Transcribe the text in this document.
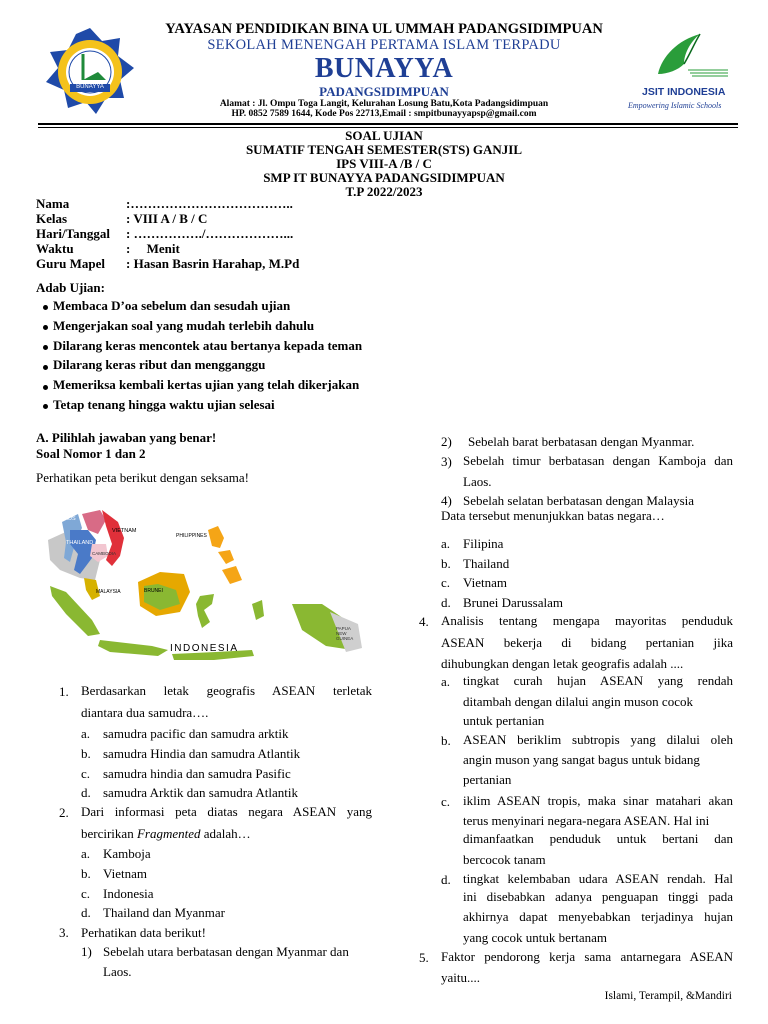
BUNAYYA	JSIT INDONESIA
Empowering Islamic Schools
YAYASAN PENDIDIKAN BINA UL UMMAH PADANGSIDIMPUAN
SEKOLAH MENENGAH PERTAMA ISLAM TERPADU
BUNAYYA
PADANGSIDIMPUAN
Alamat : Jl. Ompu Toga Langit, Kelurahan Losung Batu,Kota Padangsidimpuan
HP. 0852 7589 1644, Kode Pos 22713,Email : smpitbunayyapsp@gmail.com
SOAL UJIAN
SUMATIF TENGAH SEMESTER(STS) GANJIL
IPS VIII-A /B / C
SMP IT BUNAYYA PADANGSIDIMPUAN
T.P 2022/2023
Nama	:………………………………..
Kelas	: VIII A / B / C
Hari/Tanggal : ……………./………………...
Waktu	:     Menit
Guru Mapel : Hasan Basrin Harahap, M.Pd
Adab Ujian:
Membaca D’oa sebelum dan sesudah ujian
Mengerjakan soal yang mudah terlebih dahulu
Dilarang keras mencontek atau bertanya kepada teman
Dilarang keras ribut dan mengganggu
Memeriksa kembali kertas ujian yang telah dikerjakan
Tetap tenang hingga waktu ujian selesai
A. Pilihlah jawaban yang benar!
Soal Nomor 1 dan 2
Perhatikan peta berikut dengan seksama!
LAOS
VIETNAM
THAILAND
CAMBODIA
PHILIPPINES
MALAYSIA	BRUNEI
INDONESIA
PAPUA
NEW
GUINEA
1. Berdasarkan letak geografis ASEAN terletak
diantara dua samudra….
a. samudra pacific dan samudra arktik
b. samudra Hindia dan samudra Atlantik
c. samudra hindia dan samudra Pasific
d. samudra Arktik dan samudra Atlantik
2. Dari informasi peta diatas negara ASEAN yang
bercirikan Fragmented adalah…
a. Kamboja
b. Vietnam
c. Indonesia
d. Thailand dan Myanmar
3. Perhatikan data berikut!
1) Sebelah utara berbatasan dengan Myanmar dan
Laos.
2) Sebelah barat berbatasan dengan Myanmar.
3) Sebelah timur berbatasan dengan Kamboja dan
Laos.
4) Sebelah selatan berbatasan dengan Malaysia
Data tersebut menunjukkan batas negara…
a. Filipina
b. Thailand
c. Vietnam
d. Brunei Darussalam
4. Analisis tentang mengapa mayoritas penduduk
ASEAN bekerja di bidang pertanian jika
dihubungkan dengan letak geografis adalah ....
a. tingkat curah hujan ASEAN yang rendah
ditambah dengan dilalui angin muson cocok
untuk pertanian
b. ASEAN beriklim subtropis yang dilalui oleh
angin muson yang sangat bagus untuk bidang
pertanian
c. iklim ASEAN tropis, maka sinar matahari akan
terus menyinari negara-negara ASEAN. Hal ini
dimanfaatkan penduduk untuk bertani dan
bercocok tanam
d. tingkat kelembaban udara ASEAN rendah. Hal
ini disebabkan adanya penguapan tinggi pada
akhirnya dapat menyebabkan terjadinya hujan
yang cocok untuk bertanam
5. Faktor pendorong kerja sama antarnegara ASEAN
yaitu....
Islami, Terampil, &Mandiri
